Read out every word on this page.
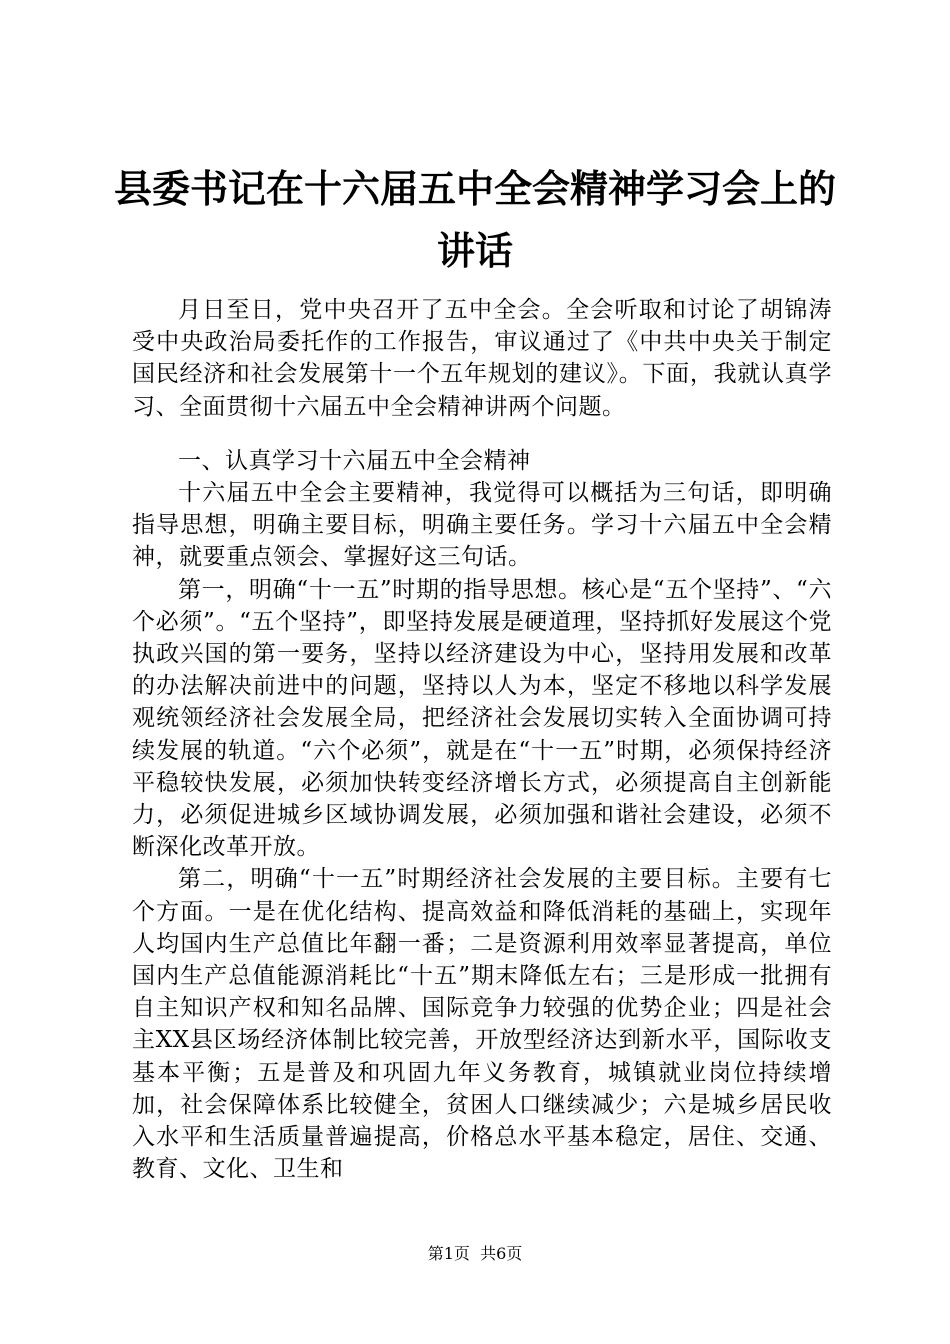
县委书记在十六届五中全会精神学习会上的讲话

月日至日，党中央召开了五中全会。全会听取和讨论了胡锦涛受中央政治局委托作的工作报告，审议通过了《中共中央关于制定国民经济和社会发展第十一个五年规划的建议》。下面，我就认真学习、全面贯彻十六届五中全会精神讲两个问题。

一、认真学习十六届五中全会精神

十六届五中全会主要精神，我觉得可以概括为三句话，即明确指导思想，明确主要目标，明确主要任务。学习十六届五中全会精神，就要重点领会、掌握好这三句话。

第一，明确“十一五”时期的指导思想。核心是“五个坚持”、“六个必须”。“五个坚持”，即坚持发展是硬道理，坚持抓好发展这个党执政兴国的第一要务，坚持以经济建设为中心，坚持用发展和改革的办法解决前进中的问题，坚持以人为本，坚定不移地以科学发展观统领经济社会发展全局，把经济社会发展切实转入全面协调可持续发展的轨道。“六个必须”，就是在“十一五”时期，必须保持经济平稳较快发展，必须加快转变经济增长方式，必须提高自主创新能力，必须促进城乡区域协调发展，必须加强和谐社会建设，必须不断深化改革开放。

第二，明确“十一五”时期经济社会发展的主要目标。主要有七个方面。一是在优化结构、提高效益和降低消耗的基础上，实现年人均国内生产总值比年翻一番；二是资源利用效率显著提高，单位国内生产总值能源消耗比“十五”期末降低左右；三是形成一批拥有自主知识产权和知名品牌、国际竞争力较强的优势企业；四是社会主XX县区场经济体制比较完善，开放型经济达到新水平，国际收支基本平衡；五是普及和巩固九年义务教育，城镇就业岗位持续增加，社会保障体系比较健全，贫困人口继续减少；六是城乡居民收入水平和生活质量普遍提高，价格总水平基本稳定，居住、交通、教育、文化、卫生和

第1页 共6页
